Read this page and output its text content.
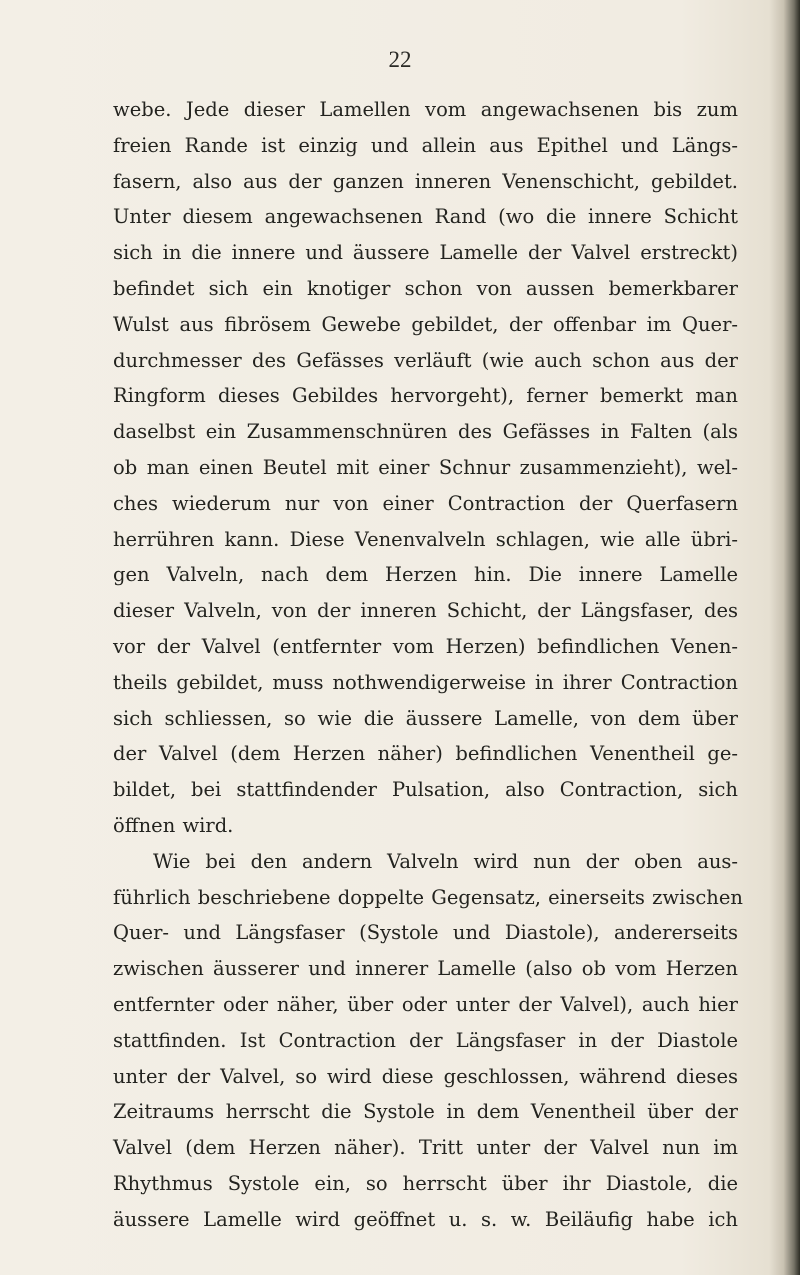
22
webe. Jede dieser Lamellen vom angewachsenen bis zum
freien Rande ist einzig und allein aus Epithel und Längs-
fasern, also aus der ganzen inneren Venenschicht, gebildet.
Unter diesem angewachsenen Rand (wo die innere Schicht
sich in die innere und äussere Lamelle der Valvel erstreckt)
befindet sich ein knotiger schon von aussen bemerkbarer
Wulst aus fibrösem Gewebe gebildet, der offenbar im Quer-
durchmesser des Gefässes verläuft (wie auch schon aus der
Ringform dieses Gebildes hervorgeht), ferner bemerkt man
daselbst ein Zusammenschnüren des Gefässes in Falten (als
ob man einen Beutel mit einer Schnur zusammenzieht), wel-
ches wiederum nur von einer Contraction der Querfasern
herrühren kann. Diese Venenvalveln schlagen, wie alle übri-
gen Valveln, nach dem Herzen hin. Die innere Lamelle
dieser Valveln, von der inneren Schicht, der Längsfaser, des
vor der Valvel (entfernter vom Herzen) befindlichen Venen-
theils gebildet, muss nothwendigerweise in ihrer Contraction
sich schliessen, so wie die äussere Lamelle, von dem über
der Valvel (dem Herzen näher) befindlichen Venentheil ge-
bildet, bei stattfindender Pulsation, also Contraction, sich
öffnen wird.
Wie bei den andern Valveln wird nun der oben aus-
führlich beschriebene doppelte Gegensatz, einerseits zwischen
Quer- und Längsfaser (Systole und Diastole), andererseits
zwischen äusserer und innerer Lamelle (also ob vom Herzen
entfernter oder näher, über oder unter der Valvel), auch hier
stattfinden. Ist Contraction der Längsfaser in der Diastole
unter der Valvel, so wird diese geschlossen, während dieses
Zeitraums herrscht die Systole in dem Venentheil über der
Valvel (dem Herzen näher). Tritt unter der Valvel nun im
Rhythmus Systole ein, so herrscht über ihr Diastole, die
äussere Lamelle wird geöffnet u. s. w. Beiläufig habe ich
